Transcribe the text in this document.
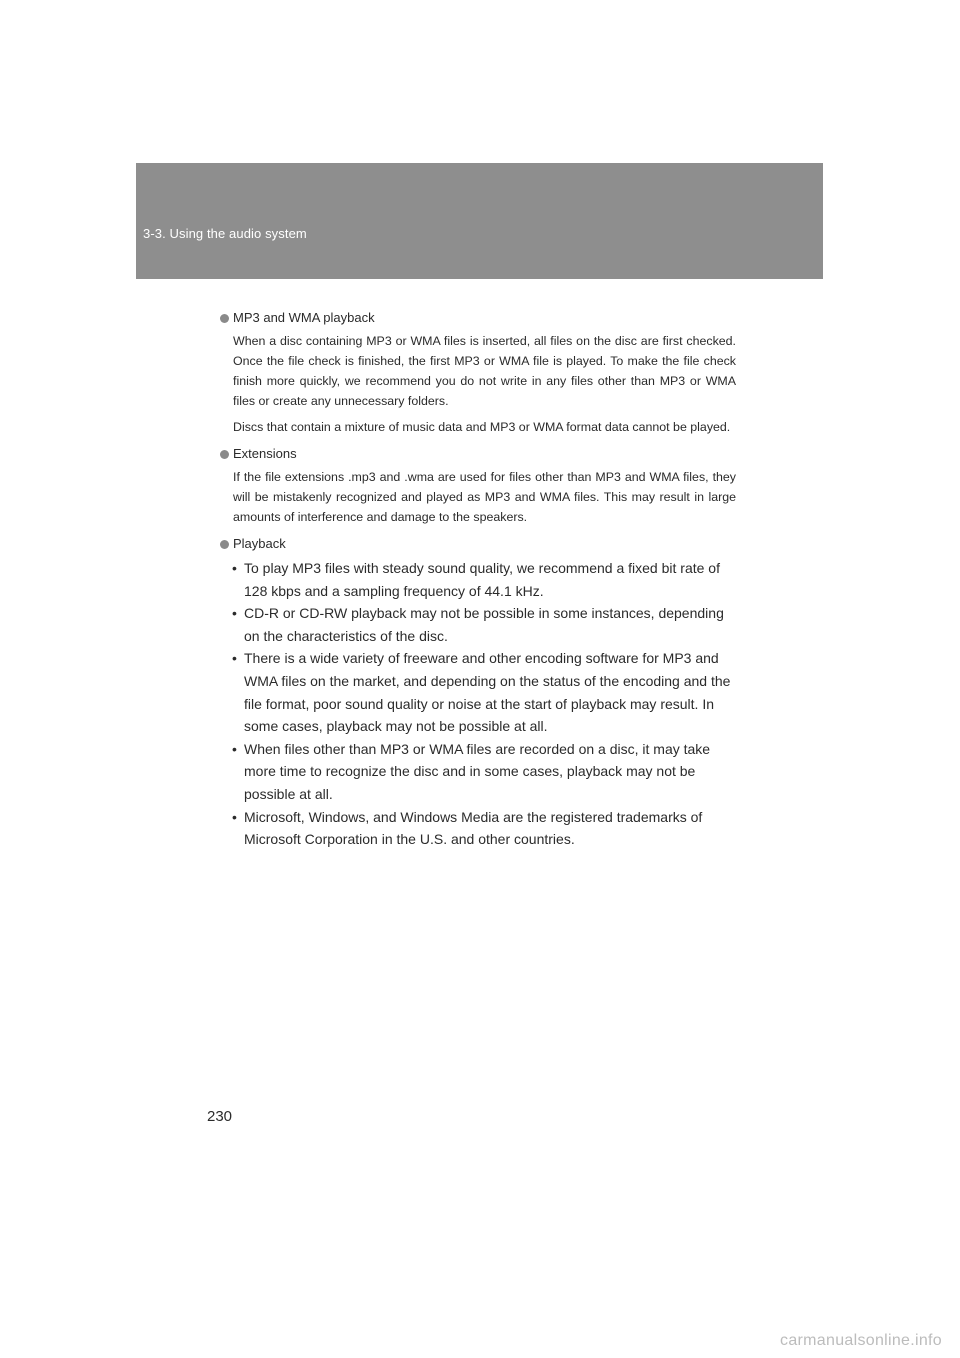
3-3. Using the audio system
MP3 and WMA playback

When a disc containing MP3 or WMA files is inserted, all files on the disc are first checked. Once the file check is finished, the first MP3 or WMA file is played. To make the file check finish more quickly, we recommend you do not write in any files other than MP3 or WMA files or create any unnecessary folders.

Discs that contain a mixture of music data and MP3 or WMA format data cannot be played.

Extensions

If the file extensions .mp3 and .wma are used for files other than MP3 and WMA files, they will be mistakenly recognized and played as MP3 and WMA files. This may result in large amounts of interference and damage to the speakers.

Playback
• To play MP3 files with steady sound quality, we recommend a fixed bit rate of 128 kbps and a sampling frequency of 44.1 kHz.
• CD-R or CD-RW playback may not be possible in some instances, depending on the characteristics of the disc.
• There is a wide variety of freeware and other encoding software for MP3 and WMA files on the market, and depending on the status of the encoding and the file format, poor sound quality or noise at the start of playback may result. In some cases, playback may not be possible at all.
• When files other than MP3 or WMA files are recorded on a disc, it may take more time to recognize the disc and in some cases, playback may not be possible at all.
• Microsoft, Windows, and Windows Media are the registered trademarks of Microsoft Corporation in the U.S. and other countries.
230
carmanualsonline.info
